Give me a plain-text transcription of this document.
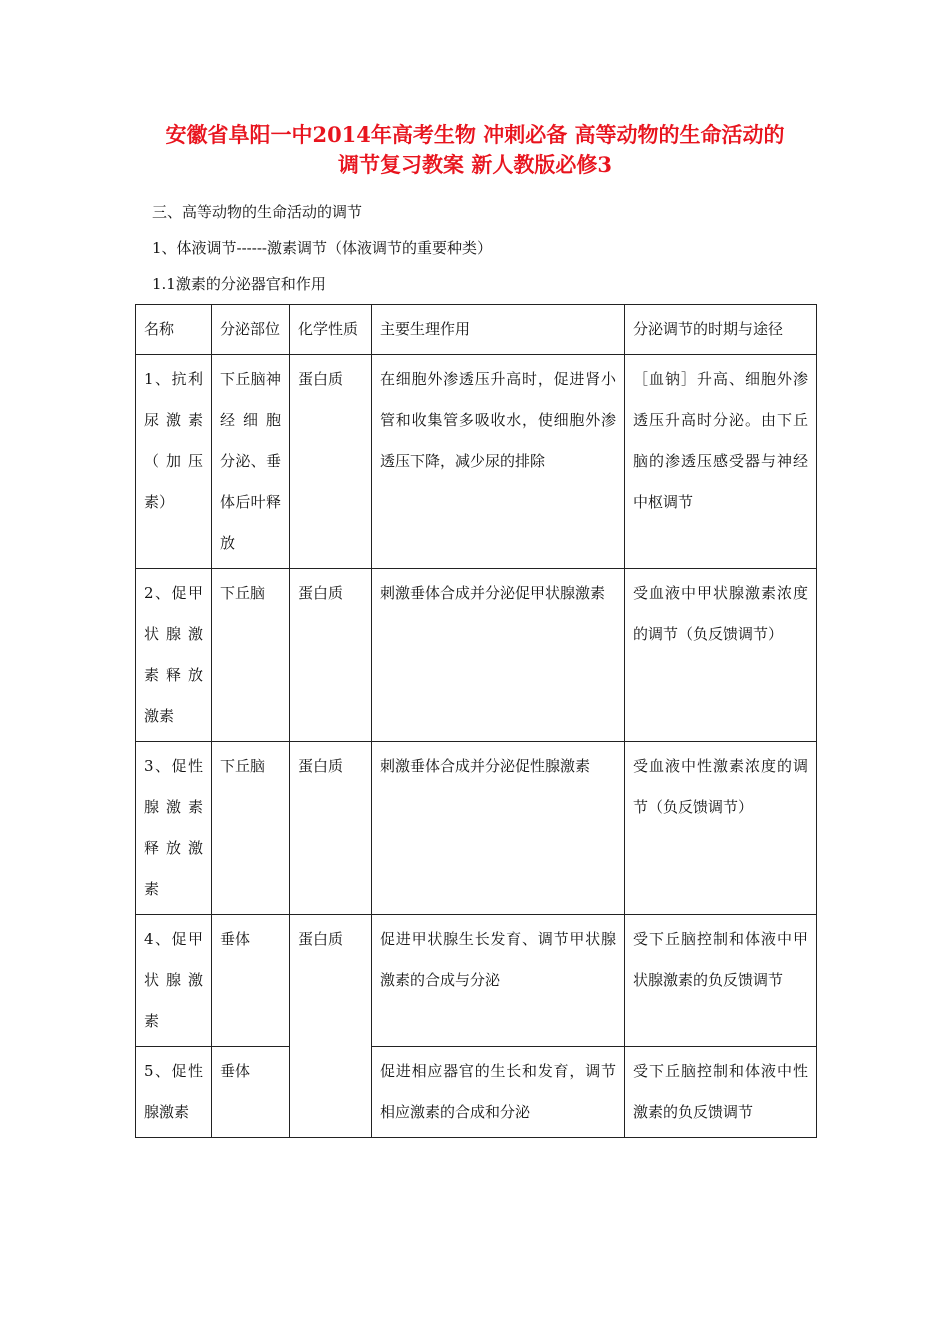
安徽省阜阳一中2014年高考生物 冲刺必备 高等动物的生命活动的
调节复习教案 新人教版必修3
三、高等动物的生命活动的调节
1、体液调节------激素调节（体液调节的重要种类）
1.1激素的分泌器官和作用
名称	分泌部位	化学性质	主要生理作用	分泌调节的时期与途径
1、抗利尿激素（加压素）	下丘脑神经细胞 分泌、垂体后叶释放	蛋白质	在细胞外渗透压升高时，促进肾小管和收集管多吸收水，使细胞外渗透压下降，减少尿的排除	［血钠］升高、细胞外渗透压升高时分泌。由下丘脑的渗透压感受器与神经中枢调节
2、促甲状腺激素释放激素	下丘脑	蛋白质	刺激垂体合成并分泌促甲状腺激素	受血液中甲状腺激素浓度的调节（负反馈调节）
3、促性腺激素释放激素	下丘脑	蛋白质	刺激垂体合成并分泌促性腺激素	受血液中性激素浓度的调节（负反馈调节）
4、促甲状腺激素	垂体	蛋白质	促进甲状腺生长发育、调节甲状腺激素的合成与分泌	受下丘脑控制和体液中甲状腺激素的负反馈调节
5、促性腺激素	垂体		促进相应器官的生长和发育，调节相应激素的合成和分泌	受下丘脑控制和体液中性激素的负反馈调节
